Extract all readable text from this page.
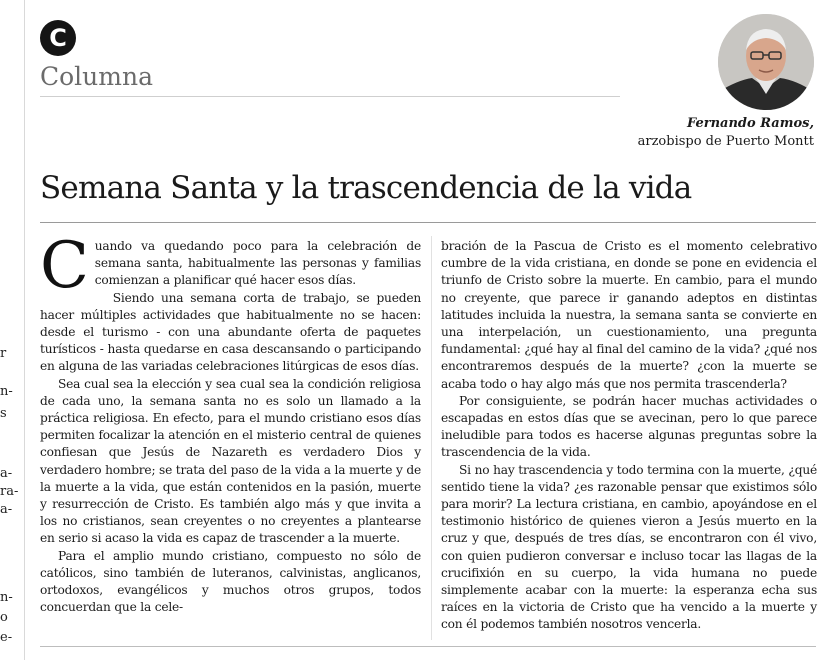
r
n-
s
a-
ra-
a-
n-
o
e-
C
Columna
Fernando Ramos,
arzobispo de Puerto Montt
Semana Santa y la trascendencia de la vida

Cuando va quedando poco para la celebración de semana santa, habitualmente las personas y familias comienzan a planificar qué hacer esos días.

Siendo una semana corta de trabajo, se pueden hacer múltiples actividades que habitualmente no se hacen: desde el turismo - con una abundante oferta de paquetes turísticos - hasta quedarse en casa descansando o participando en alguna de las variadas celebraciones litúrgicas de esos días.

Sea cual sea la elección y sea cual sea la condición religiosa de cada uno, la semana santa no es solo un llamado a la práctica religiosa. En efecto, para el mundo cristiano esos días permiten focalizar la atención en el misterio central de quienes confiesan que Jesús de Nazareth es verdadero Dios y verdadero hombre; se trata del paso de la vida a la muerte y de la muerte a la vida, que están contenidos en la pasión, muerte y resurrección de Cristo. Es también algo más y que invita a los no cristianos, sean creyentes o no creyentes a plantearse en serio si acaso la vida es capaz de trascender a la muerte.

Para el amplio mundo cristiano, compuesto no sólo de católicos, sino también de luteranos, calvinistas, anglicanos, ortodoxos, evangélicos y muchos otros grupos, todos concuerdan que la cele-

bración de la Pascua de Cristo es el momento celebrativo cumbre de la vida cristiana, en donde se pone en evidencia el triunfo de Cristo sobre la muerte. En cambio, para el mundo no creyente, que parece ir ganando adeptos en distintas latitudes incluida la nuestra, la semana santa se convierte en una interpelación, un cuestionamiento, una pregunta fundamental: ¿qué hay al final del camino de la vida? ¿qué nos encontraremos después de la muerte? ¿con la muerte se acaba todo o hay algo más que nos permita trascenderla?

Por consiguiente, se podrán hacer muchas actividades o escapadas en estos días que se avecinan, pero lo que parece ineludible para todos es hacerse algunas preguntas sobre la trascendencia de la vida.

Si no hay trascendencia y todo termina con la muerte, ¿qué sentido tiene la vida? ¿es razonable pensar que existimos sólo para morir? La lectura cristiana, en cambio, apoyándose en el testimonio histórico de quienes vieron a Jesús muerto en la cruz y que, después de tres días, se encontraron con él vivo, con quien pudieron conversar e incluso tocar las llagas de la crucifixión en su cuerpo, la vida humana no puede simplemente acabar con la muerte: la esperanza echa sus raíces en la victoria de Cristo que ha vencido a la muerte y con él podemos también nosotros vencerla.
